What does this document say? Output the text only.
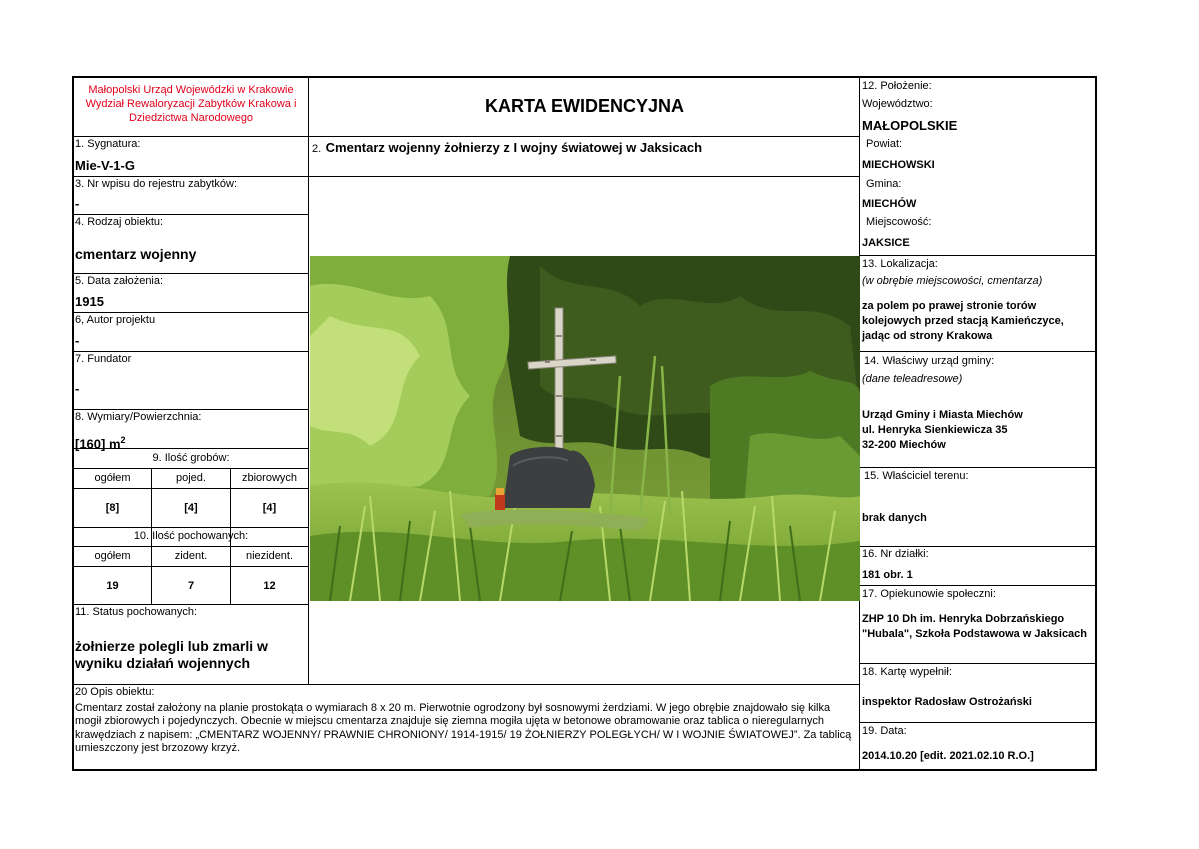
Małopolski Urząd Wojewódzki w Krakowie Wydział Rewaloryzacji Zabytków Krakowa i Dziedzictwa Narodowego
KARTA EWIDENCYJNA
2. Cmentarz wojenny żołnierzy z I wojny światowej w Jaksicach
1. Sygnatura:
Mie-V-1-G
3. Nr wpisu do rejestru zabytków:
-
4. Rodzaj obiektu:
cmentarz wojenny
5. Data założenia:
1915
6, Autor projektu
-
7. Fundator
-
8. Wymiary/Powierzchnia:
[160] $m^2$
9. Ilość grobów:
ogółem	pojed.	zbiorowych
[8]	[4]	[4]
10. Ilość pochowanych:
ogółem	zident.	niezident.
19	7	12
11. Status pochowanych:
żołnierze polegli lub zmarli w wyniku działań wojennych
12. Położenie:
Województwo:
MAŁOPOLSKIE
Powiat:
MIECHOWSKI
Gmina:
MIECHÓW
Miejscowość:
JAKSICE
13. Lokalizacja:
(w obrębie miejscowości, cmentarza)
za polem po prawej stronie torów kolejowych przed stacją Kamieńczyce, jadąc od strony Krakowa
14. Właściwy urząd gminy:
(dane teleadresowe)
Urząd Gminy i Miasta Miechów
ul. Henryka Sienkiewicza 35
32-200 Miechów
15. Właściciel terenu:
brak danych
16. Nr działki:
181 obr. 1
17. Opiekunowie społeczni:
ZHP 10 Dh im. Henryka Dobrzańskiego "Hubala", Szkoła Podstawowa w Jaksicach
18. Kartę wypełnił:
inspektor Radosław Ostrożański
19. Data:
2014.10.20 [edit. 2021.02.10 R.O.]
20 Opis obiektu:
Cmentarz został założony na planie prostokąta o wymiarach 8 x 20 m. Pierwotnie ogrodzony był sosnowymi żerdziami. W jego obrębie znajdowało się kilka mogił zbiorowych i pojedynczych. Obecnie w miejscu cmentarza znajduje się ziemna mogiła ujęta w betonowe obramowanie oraz tablica o nieregularnych krawędziach z napisem: „CMENTARZ WOJENNY/ PRAWNIE CHRONIONY/ 1914-1915/ 19 ŻOŁNIERZY POLEGŁYCH/ W I WOJNIE ŚWIATOWEJ”. Za tablicą umieszczony jest brzozowy krzyż.
